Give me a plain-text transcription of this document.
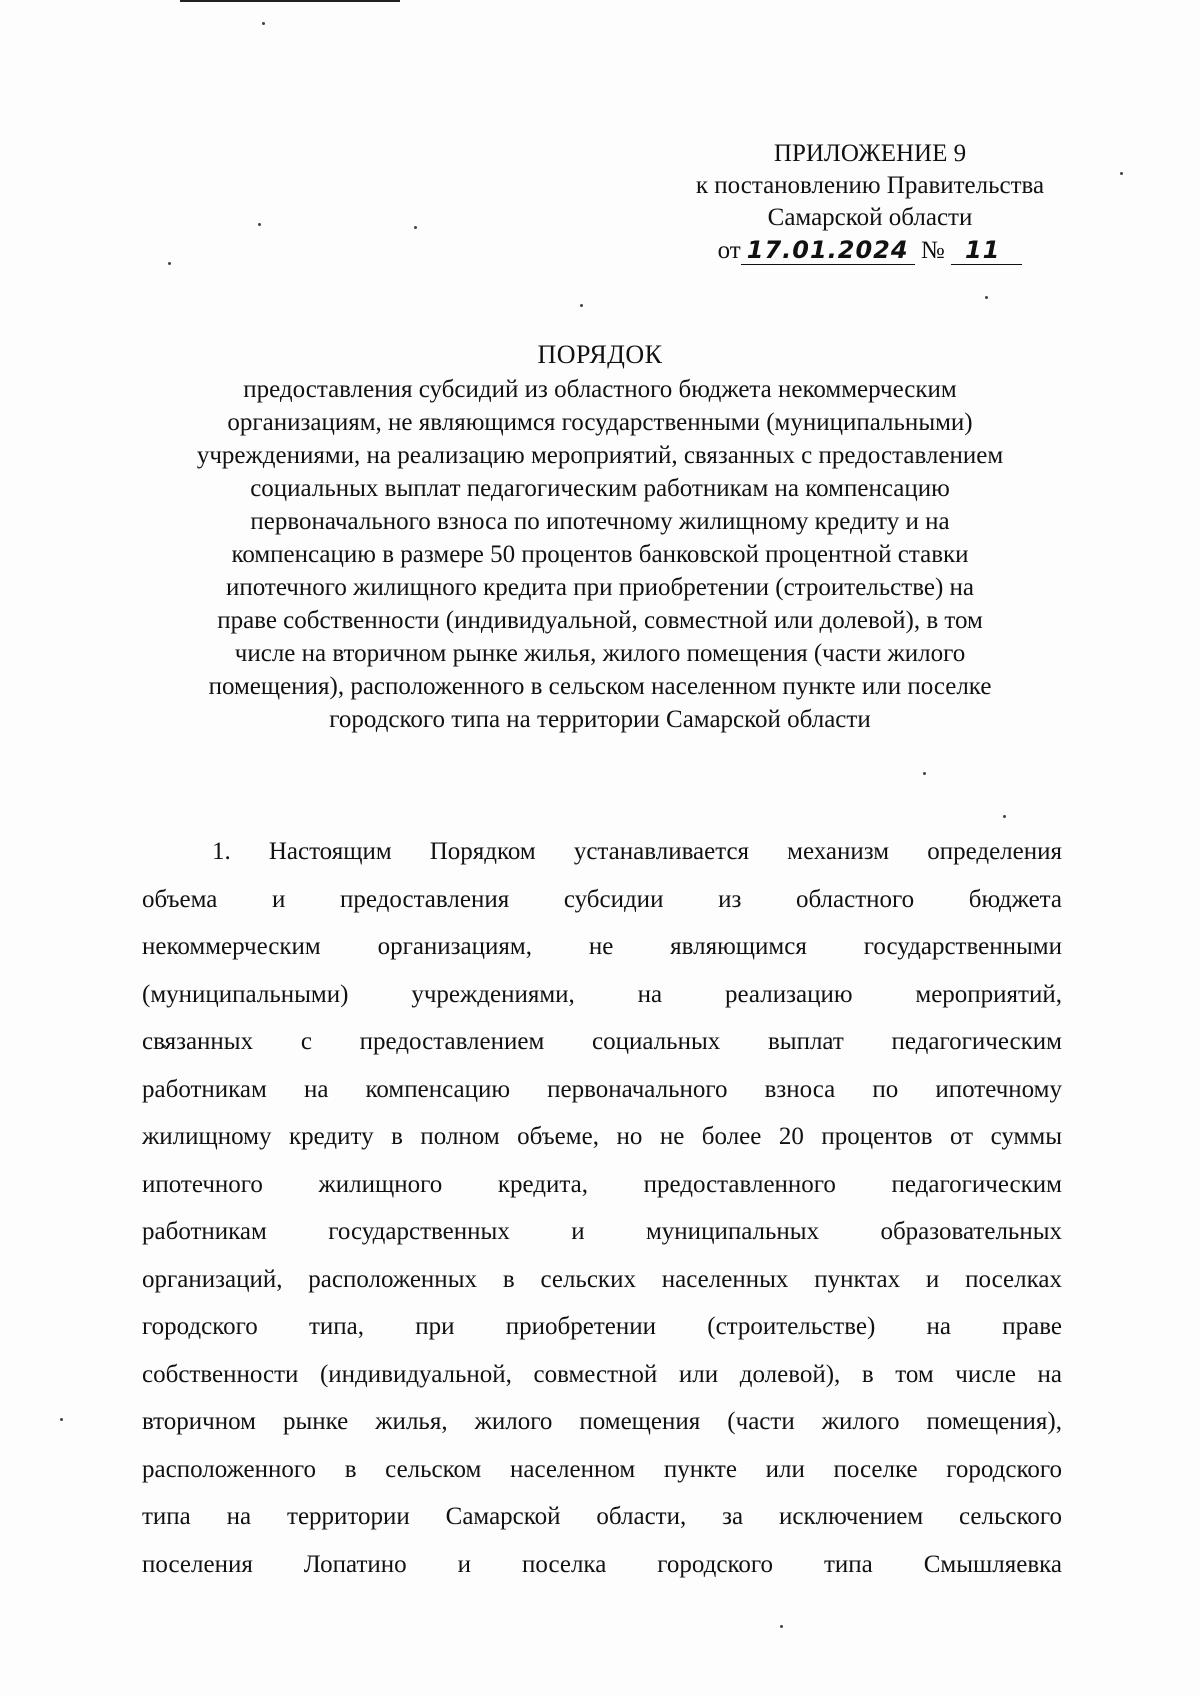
ПРИЛОЖЕНИЕ 9
к постановлению Правительства
Самарской области
от 17.01.2024 № 11
ПОРЯДОК
предоставления субсидий из областного бюджета некоммерческим
организациям, не являющимся государственными (муниципальными)
учреждениями, на реализацию мероприятий, связанных с предоставлением
социальных выплат педагогическим работникам на компенсацию
первоначального взноса по ипотечному жилищному кредиту и на
компенсацию в размере 50 процентов банковской процентной ставки
ипотечного жилищного кредита при приобретении (строительстве) на
праве собственности (индивидуальной, совместной или долевой), в том
числе на вторичном рынке жилья, жилого помещения (части жилого
помещения), расположенного в сельском населенном пункте или поселке
городского типа на территории Самарской области
1. Настоящим Порядком устанавливается механизм определения
объема и предоставления субсидии из областного бюджета
некоммерческим организациям, не являющимся государственными
(муниципальными) учреждениями, на реализацию мероприятий,
связанных с предоставлением социальных выплат педагогическим
работникам на компенсацию первоначального взноса по ипотечному
жилищному кредиту в полном объеме, но не более 20 процентов от суммы
ипотечного жилищного кредита, предоставленного педагогическим
работникам государственных и муниципальных образовательных
организаций, расположенных в сельских населенных пунктах и поселках
городского типа, при приобретении (строительстве) на праве
собственности (индивидуальной, совместной или долевой), в том числе на
вторичном рынке жилья, жилого помещения (части жилого помещения),
расположенного в сельском населенном пункте или поселке городского
типа на территории Самарской области, за исключением сельского
поселения Лопатино и поселка городского типа Смышляевка
